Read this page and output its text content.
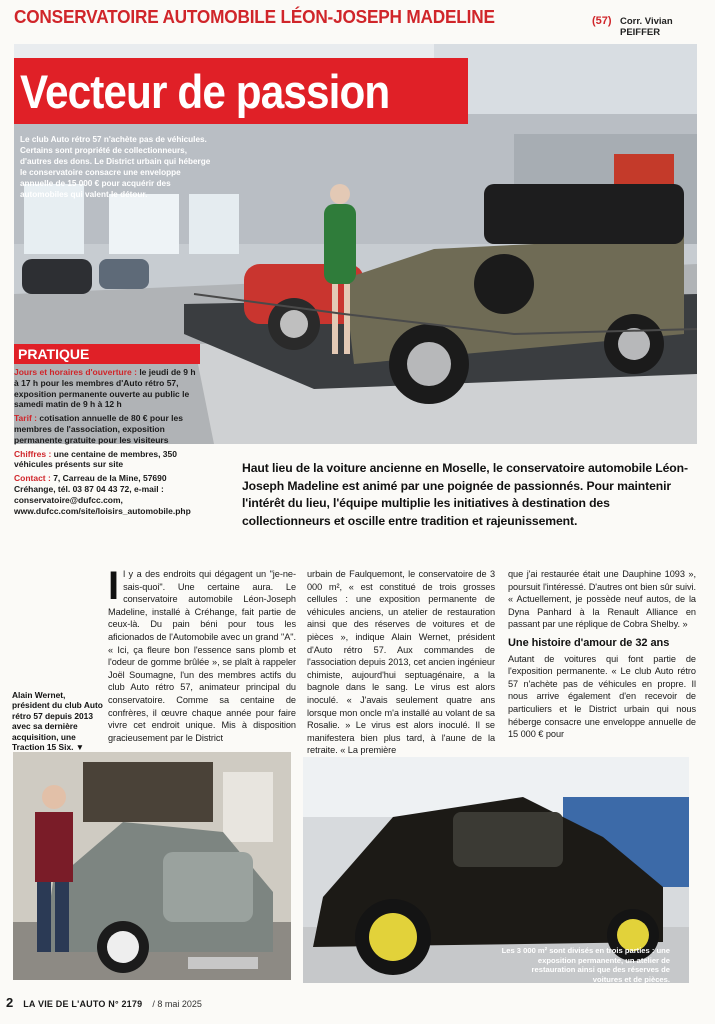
CONSERVATOIRE AUTOMOBILE LÉON-JOSEPH MADELINE	(57) Corr. Vivian PEIFFER
Vecteur de passion
Le club Auto rétro 57 n'achète pas de véhicules. Certains sont propriété de collectionneurs, d'autres des dons. Le District urbain qui héberge le conservatoire consacre une enveloppe annuelle de 15 000 € pour acquérir des automobiles qui valent le détour.
PRATIQUE

Jours et horaires d'ouverture : le jeudi de 9 h à 17 h pour les membres d'Auto rétro 57, exposition permanente ouverte au public le samedi matin de 9 h à 12 h

Tarif : cotisation annuelle de 80 € pour les membres de l'association, exposition permanente gratuite pour les visiteurs

Chiffres : une centaine de membres, 350 véhicules présents sur site

Contact : 7, Carreau de la Mine, 57690 Créhange, tél. 03 87 04 43 72, e-mail : conservatoire@dufcc.com, www.dufcc.com/site/loisirs_automobile.php

Haut lieu de la voiture ancienne en Moselle, le conservatoire automobile Léon-Joseph Madeline est animé par une poignée de passionnés. Pour maintenir l'intérêt du lieu, l'équipe multiplie les initiatives à destination des collectionneurs et oscille entre tradition et rajeunissement.
Il y a des endroits qui dégagent un "je-ne-sais-quoi". Une certaine aura. Le conservatoire automobile Léon-Joseph Madeline, installé à Créhange, fait partie de ceux-là. Du pain béni pour tous les aficionados de l'Automobile avec un grand "A". « Ici, ça fleure bon l'essence sans plomb et l'odeur de gomme brûlée », se plaît à rappeler Joël Soumagne, l'un des membres actifs du club Auto rétro 57, animateur principal du conservatoire. Comme sa centaine de confrères, il œuvre chaque année pour faire vivre cet endroit unique. Mis à disposition gracieusement par le District
urbain de Faulquemont, le conservatoire de 3 000 m², « est constitué de trois grosses cellules : une exposition permanente de véhicules anciens, un atelier de restauration ainsi que des réserves de voitures et de pièces », indique Alain Wernet, président d'Auto rétro 57. Aux commandes de l'association depuis 2013, cet ancien ingénieur chimiste, aujourd'hui septuagénaire, a la bagnole dans le sang. Le virus est alors inoculé. « J'avais seulement quatre ans lorsque mon oncle m'a installé au volant de sa Rosalie. » Le virus est alors inoculé. Il se manifestera bien plus tard, à l'aune de la retraite. « La première
que j'ai restaurée était une Dauphine 1093 », poursuit l'intéressé. D'autres ont bien sûr suivi. « Actuellement, je possède neuf autos, de la Dyna Panhard à la Renault Alliance en passant par une réplique de Cobra Shelby. »
Une histoire d'amour de 32 ans
Autant de voitures qui font partie de l'exposition permanente. « Le club Auto rétro 57 n'achète pas de véhicules en propre. Il nous arrive également d'en recevoir de particuliers et le District urbain qui nous héberge consacre une enveloppe annuelle de 15 000 € pour
Alain Wernet, président du club Auto rétro 57 depuis 2013 avec sa dernière acquisition, une Traction 15 Six. ▼
Les 3 000 m² sont divisés en trois parties : une exposition permanente, un atelier de restauration ainsi que des réserves de voitures et de pièces.
2 LA VIE DE L'AUTO N° 2179 / 8 mai 2025
